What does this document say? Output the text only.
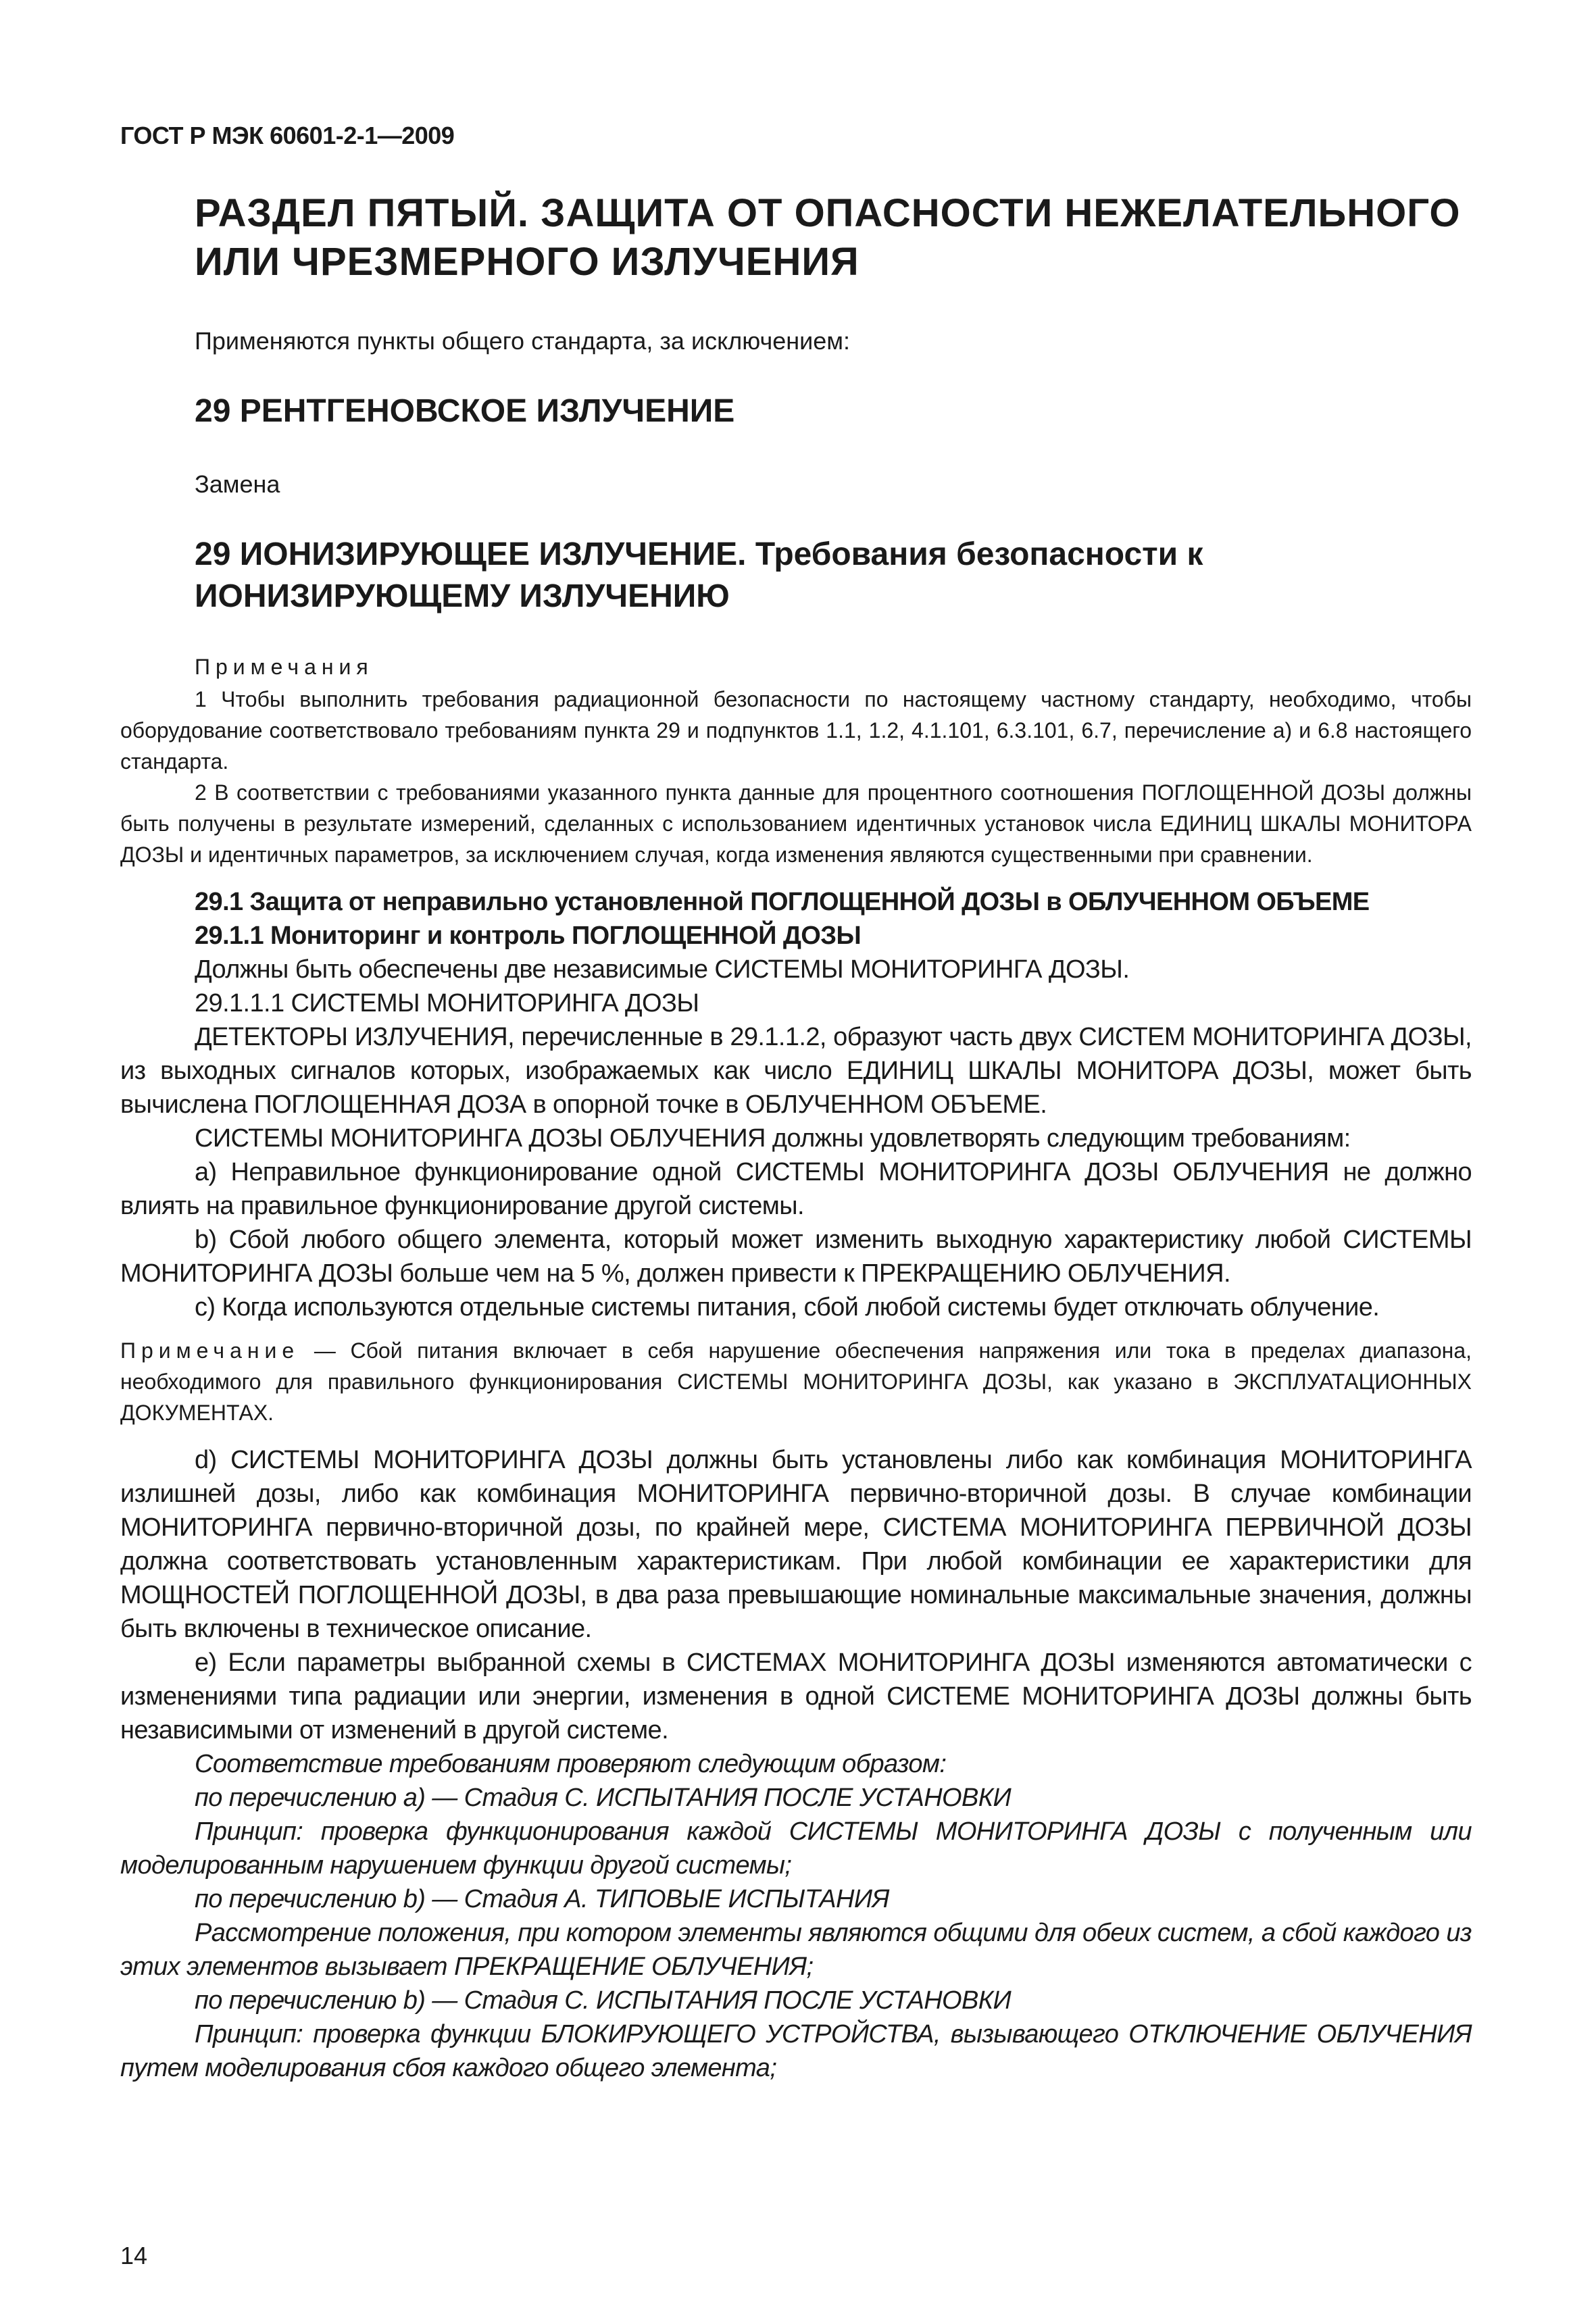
ГОСТ Р МЭК 60601-2-1—2009
РАЗДЕЛ ПЯТЫЙ. ЗАЩИТА ОТ ОПАСНОСТИ НЕЖЕЛАТЕЛЬНОГО ИЛИ ЧРЕЗМЕРНОГО ИЗЛУЧЕНИЯ
Применяются пункты общего стандарта, за исключением:
29 РЕНТГЕНОВСКОЕ ИЗЛУЧЕНИЕ
Замена
29 ИОНИЗИРУЮЩЕЕ ИЗЛУЧЕНИЕ. Требования безопасности к ИОНИЗИРУЮЩЕМУ ИЗЛУЧЕНИЮ
Примечания

1 Чтобы выполнить требования радиационной безопасности по настоящему частному стандарту, необходимо, чтобы оборудование соответствовало требованиям пункта 29 и подпунктов 1.1, 1.2, 4.1.101, 6.3.101, 6.7, перечисление а) и 6.8 настоящего стандарта.

2 В соответствии с требованиями указанного пункта данные для процентного соотношения ПОГЛОЩЕННОЙ ДОЗЫ должны быть получены в результате измерений, сделанных с использованием идентичных установок числа ЕДИНИЦ ШКАЛЫ МОНИТОРА ДОЗЫ и идентичных параметров, за исключением случая, когда изменения являются существенными при сравнении.

29.1 Защита от неправильно установленной ПОГЛОЩЕННОЙ ДОЗЫ в ОБЛУЧЕННОМ ОБЪЕМЕ

29.1.1 Мониторинг и контроль ПОГЛОЩЕННОЙ ДОЗЫ

Должны быть обеспечены две независимые СИСТЕМЫ МОНИТОРИНГА ДОЗЫ.

29.1.1.1 СИСТЕМЫ МОНИТОРИНГА ДОЗЫ

ДЕТЕКТОРЫ ИЗЛУЧЕНИЯ, перечисленные в 29.1.1.2, образуют часть двух СИСТЕМ МОНИТОРИНГА ДОЗЫ, из выходных сигналов которых, изображаемых как число ЕДИНИЦ ШКАЛЫ МОНИТОРА ДОЗЫ, может быть вычислена ПОГЛОЩЕННАЯ ДОЗА в опорной точке в ОБЛУЧЕННОМ ОБЪЕМЕ.

СИСТЕМЫ МОНИТОРИНГА ДОЗЫ ОБЛУЧЕНИЯ должны удовлетворять следующим требованиям:

а) Неправильное функционирование одной СИСТЕМЫ МОНИТОРИНГА ДОЗЫ ОБЛУЧЕНИЯ не должно влиять на правильное функционирование другой системы.

b) Сбой любого общего элемента, который может изменить выходную характеристику любой СИСТЕМЫ МОНИТОРИНГА ДОЗЫ больше чем на 5 %, должен привести к ПРЕКРАЩЕНИЮ ОБЛУЧЕНИЯ.

с) Когда используются отдельные системы питания, сбой любой системы будет отключать облучение.

Примечание — Сбой питания включает в себя нарушение обеспечения напряжения или тока в пределах диапазона, необходимого для правильного функционирования СИСТЕМЫ МОНИТОРИНГА ДОЗЫ, как указано в ЭКСПЛУАТАЦИОННЫХ ДОКУМЕНТАХ.

d) СИСТЕМЫ МОНИТОРИНГА ДОЗЫ должны быть установлены либо как комбинация МОНИТОРИНГА излишней дозы, либо как комбинация МОНИТОРИНГА первично-вторичной дозы. В случае комбинации МОНИТОРИНГА первично-вторичной дозы, по крайней мере, СИСТЕМА МОНИТОРИНГА ПЕРВИЧНОЙ ДОЗЫ должна соответствовать установленным характеристикам. При любой комбинации ее характеристики для МОЩНОСТЕЙ ПОГЛОЩЕННОЙ ДОЗЫ, в два раза превышающие номинальные максимальные значения, должны быть включены в техническое описание.

е) Если параметры выбранной схемы в СИСТЕМАХ МОНИТОРИНГА ДОЗЫ изменяются автоматически с изменениями типа радиации или энергии, изменения в одной СИСТЕМЕ МОНИТОРИНГА ДОЗЫ должны быть независимыми от изменений в другой системе.

Соответствие требованиям проверяют следующим образом:

по перечислению а) — Стадия С. ИСПЫТАНИЯ ПОСЛЕ УСТАНОВКИ

Принцип: проверка функционирования каждой СИСТЕМЫ МОНИТОРИНГА ДОЗЫ с полученным или моделированным нарушением функции другой системы;

по перечислению b) — Стадия А. ТИПОВЫЕ ИСПЫТАНИЯ

Рассмотрение положения, при котором элементы являются общими для обеих систем, а сбой каждого из этих элементов вызывает ПРЕКРАЩЕНИЕ ОБЛУЧЕНИЯ;

по перечислению b) — Стадия С. ИСПЫТАНИЯ ПОСЛЕ УСТАНОВКИ

Принцип: проверка функции БЛОКИРУЮЩЕГО УСТРОЙСТВА, вызывающего ОТКЛЮЧЕНИЕ ОБЛУЧЕНИЯ путем моделирования сбоя каждого общего элемента;

14
